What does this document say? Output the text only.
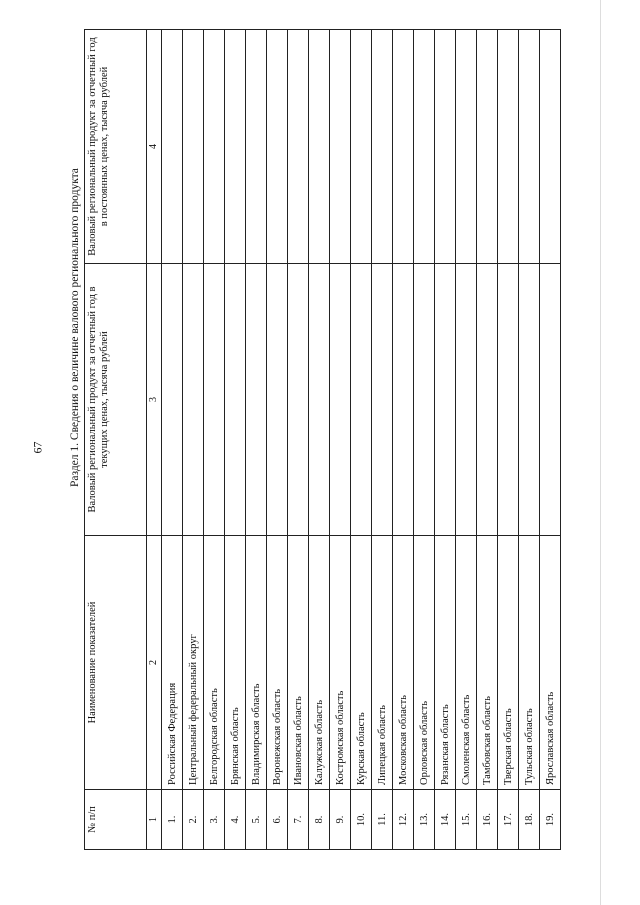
67 Раздел 1. Сведения о величине валового регионального продукта
№ п/п	Наименование показателей	Валовый региональный продукт за отчетный год в текущих ценах, тысяча рублей	Валовый региональный продукт за отчетный год в постоянных ценах, тысяча рублей
1	2	3	4
1.	Российская Федерация		
2.	Центральный федеральный округ		
3.	Белгородская область		
4.	Брянская область		
5.	Владимирская область		
6.	Воронежская область		
7.	Ивановская область		
8.	Калужская область		
9.	Костромская область		
10.	Курская область		
11.	Липецкая область		
12.	Московская область		
13.	Орловская область		
14.	Рязанская область		
15.	Смоленская область		
16.	Тамбовская область		
17.	Тверская область		
18.	Тульская область		
19.	Ярославская область		
